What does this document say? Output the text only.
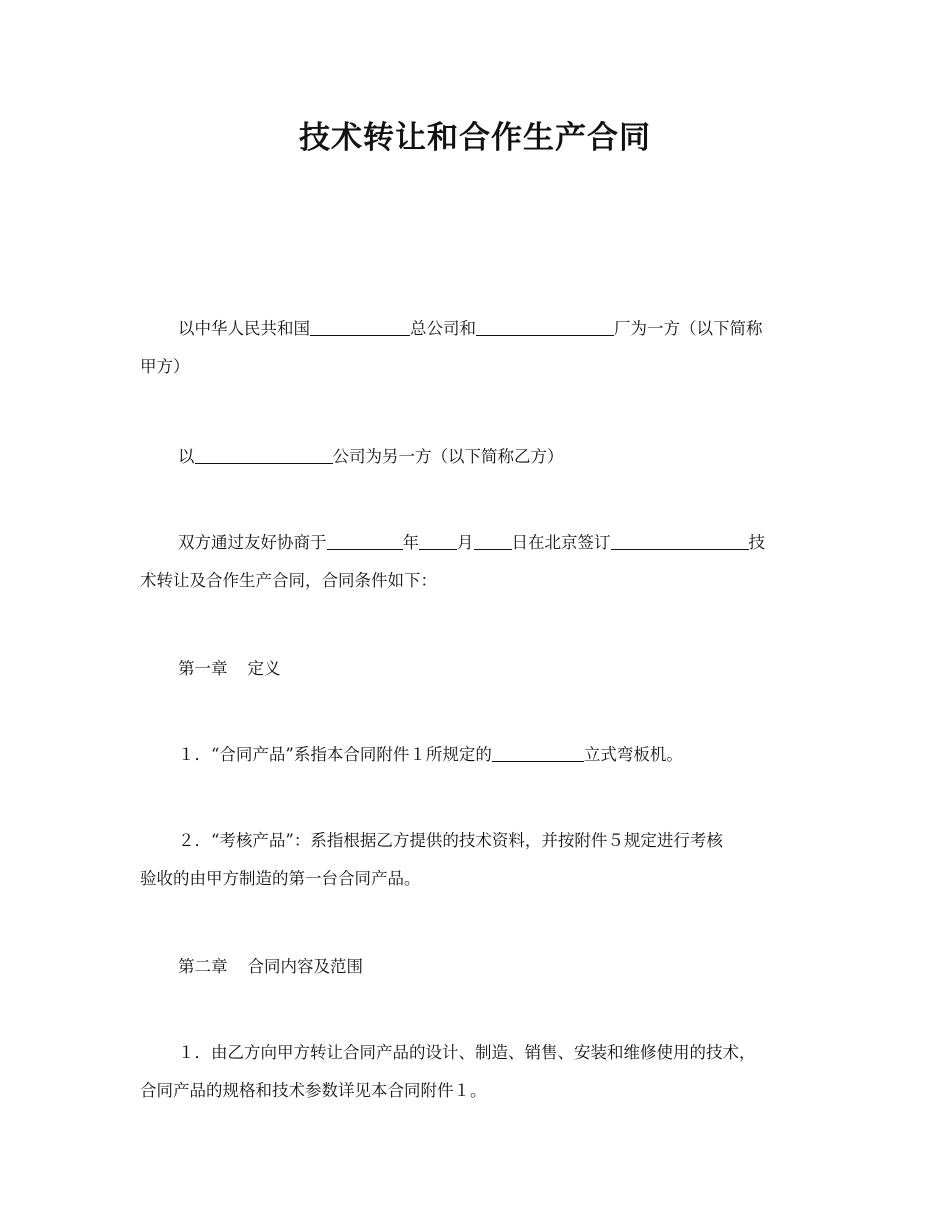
技术转让和合作生产合同
以中华人民共和国	总公司和	厂为一方（以下简称
甲方）
以	公司为另一方（以下简称乙方）
双方通过友好协商于	年 月 日在北京签订	技
术转让及合作生产合同，合同条件如下：
第一章 定义
１．“合同产品”系指本合同附件１所规定的	立式弯板机。
２．“考核产品”：系指根据乙方提供的技术资料，并按附件５规定进行考核
验收的由甲方制造的第一台合同产品。
第二章 合同内容及范围
１．由乙方向甲方转让合同产品的设计、制造、销售、安装和维修使用的技术，
合同产品的规格和技术参数详见本合同附件１。
